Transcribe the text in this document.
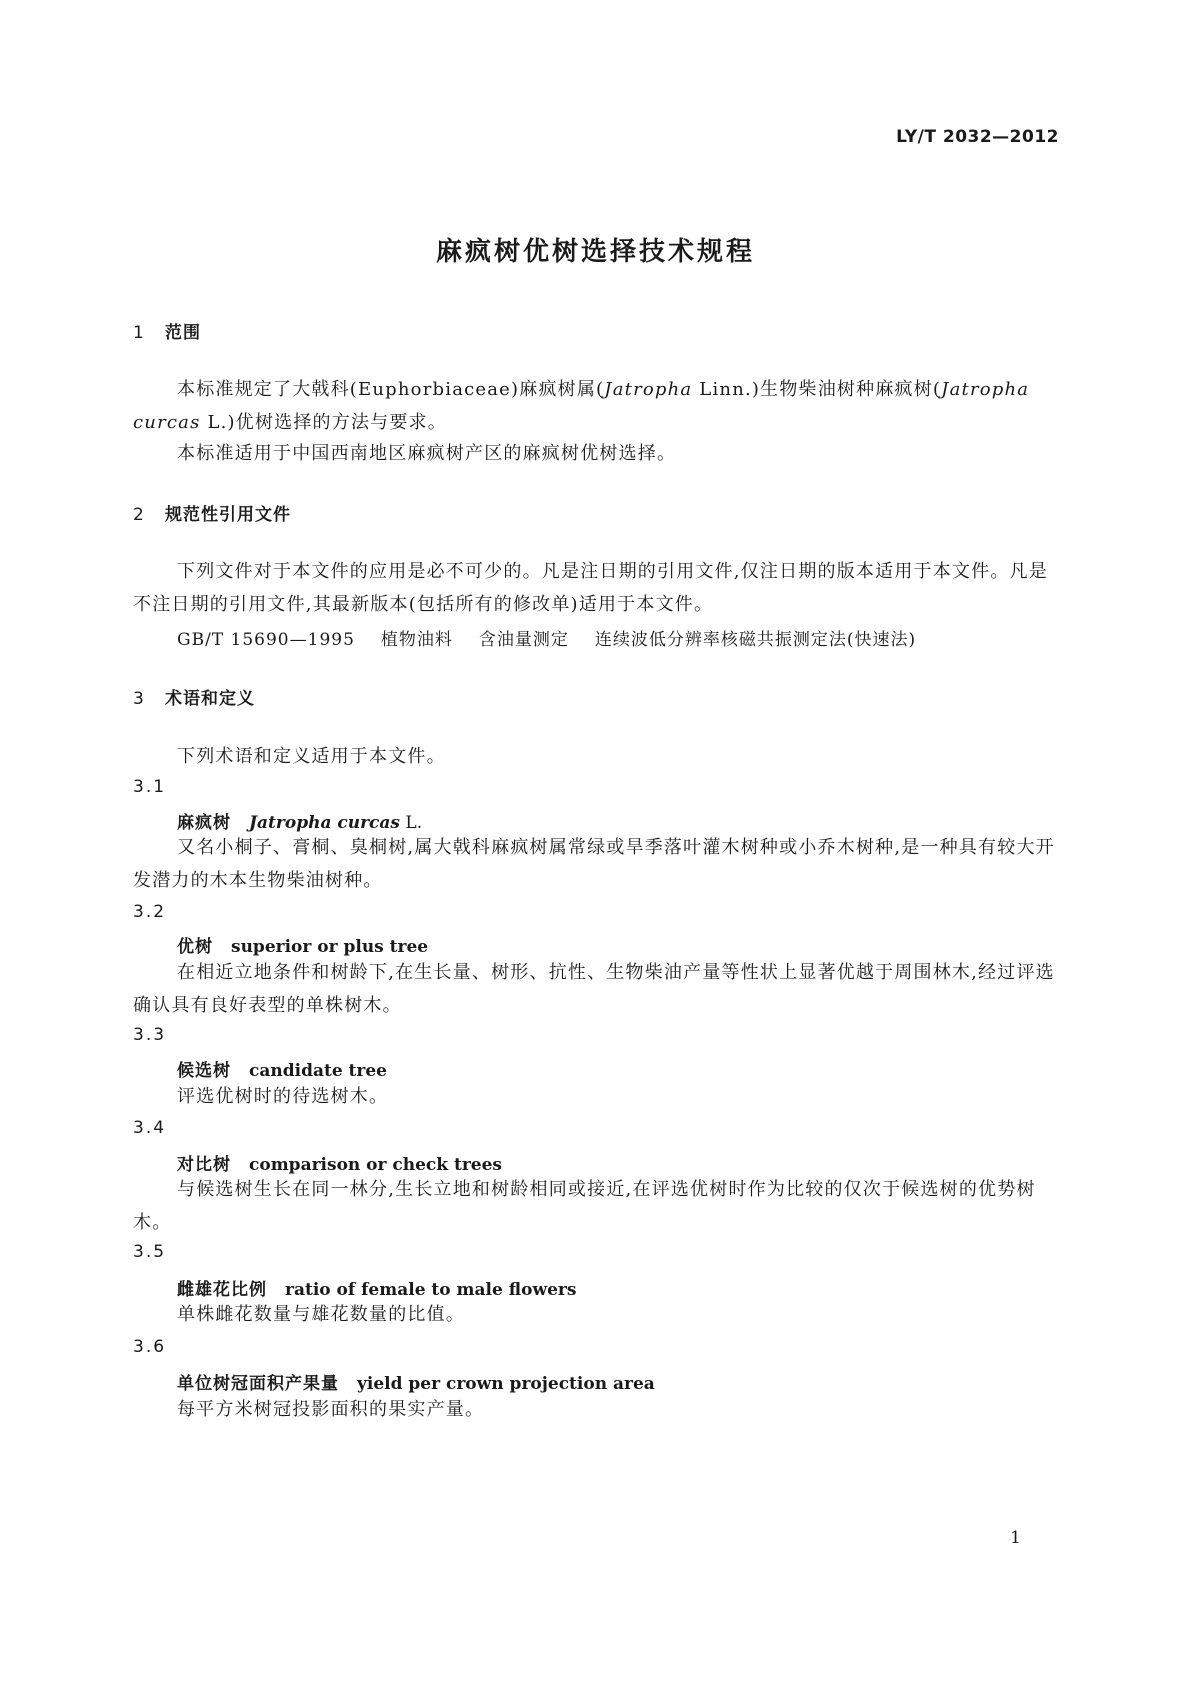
LY/T 2032—2012
麻疯树优树选择技术规程
1 范围
本标准规定了大戟科(Euphorbiaceae)麻疯树属(Jatropha Linn.)生物柴油树种麻疯树(Jatropha curcas L.)优树选择的方法与要求。
本标准适用于中国西南地区麻疯树产区的麻疯树优树选择。
2 规范性引用文件
下列文件对于本文件的应用是必不可少的。凡是注日期的引用文件,仅注日期的版本适用于本文件。凡是不注日期的引用文件,其最新版本(包括所有的修改单)适用于本文件。
GB/T 15690—1995 植物油料 含油量测定 连续波低分辨率核磁共振测定法(快速法)
3 术语和定义
下列术语和定义适用于本文件。
3.1
麻疯树 Jatropha curcas L.
又名小桐子、膏桐、臭桐树,属大戟科麻疯树属常绿或旱季落叶灌木树种或小乔木树种,是一种具有较大开发潜力的木本生物柴油树种。
3.2
优树 superior or plus tree
在相近立地条件和树龄下,在生长量、树形、抗性、生物柴油产量等性状上显著优越于周围林木,经过评选确认具有良好表型的单株树木。
3.3
候选树 candidate tree
评选优树时的待选树木。
3.4
对比树 comparison or check trees
与候选树生长在同一林分,生长立地和树龄相同或接近,在评选优树时作为比较的仅次于候选树的优势树木。
3.5
雌雄花比例 ratio of female to male flowers
单株雌花数量与雄花数量的比值。
3.6
单位树冠面积产果量 yield per crown projection area
每平方米树冠投影面积的果实产量。
1
